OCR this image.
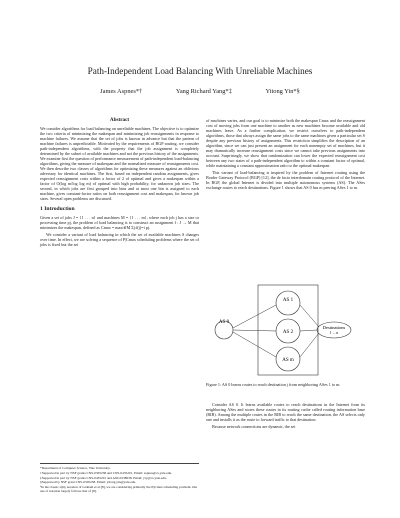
Path-Independent Load Balancing With Unreliable Machines
James Aspnes*†	Yang Richard Yang*‡	Yitong Yin*§
Abstract

We consider algorithms for load balancing on unreliable machines. The objective is to optimize the two criteria of minimizing the makespan and minimizing job reassignments in response to machine failures. We assume that the set of jobs is known in advance but that the pattern of machine failures is unpredictable. Motivated by the requirements of BGP routing, we consider path-independent algorithms, with the property that the job assignment is completely determined by the subset of available machines and not the previous history of the assignments. We examine first the question of performance measurement of path-independent load-balancing algorithms, giving the measure of makespan and the normalized measure of reassignments cost. We then describe two classes of algorithms for optimizing these measures against an oblivious adversary for identical machines. The first, based on independent random assignments, gives expected reassignment costs within a factor of 2 of optimal and gives a makespan within a factor of O(log m/log log m) of optimal with high probability, for unknown job sizes. The second, in which jobs are first grouped into bins and at most one bin is assigned to each machine, gives constant-factor ratios on both reassignment cost and makespan, for known job sizes. Several open problems are discussed.

1 Introduction

Given a set of jobs J = {1 . . . n} and machines M = {1 . . . m}, where each job j has a size or processing time pj, the problem of load balancing is to construct an assignment f : J → M that minimizes the makespan, defined as Cmax = maxi∈M Σj:f(j)=i pj.

We consider a variant of load balancing in which the set of available machines S changes over time. In effect, we are solving a sequence of P|Cmax scheduling problems where the set of jobs is fixed but the set

*Department of Computer Science, Yale University.
†Supported in part by NSF grants CNS-0305258 and CNS-0435201. Email: aspnes@cs.yale.edu.
‡Supported in part by NSF grants CNS-0435201 and ANI-0238038. Email: yry@cs.yale.edu.
§Supported by NSF grant CNS-0305258. Email: yitong.yin@yale.edu.
¹In the classic α|β|γ notation of Graham et al.[8], we are considering primarily the P||Cmax scheduling problem. Our use of notation largely follows that of [8].

of machines varies, and our goal is to minimize both the makespan Cmax and the reassignment cost of moving jobs from one machine to another as new machines become available and old machines leave. As a further complication, we restrict ourselves to path-independent algorithms, those that always assign the same jobs to the same machines given a particular set S despite any previous history of assignments. This restriction simplifies the description of an algorithm, since we can just present an assignment for each nonempty set of machines, but it may dramatically increase reassignment costs since we cannot take previous assignments into account. Surprisingly, we show that randomization can lower the expected reassignment cost between any two states of a path-independent algorithm to within a constant factor of optimal, while maintaining a constant approximation ratio to the optimal makespan.

This variant of load-balancing is inspired by the problem of Internet routing using the Border Gateway Protocol (BGP) [12], the de facto interdomain routing protocol of the Internet. In BGP, the global Internet is divided into multiple autonomous systems (AS). The ASes exchange routes to reach destinations. Figure 1 shows that AS 0 has m peering ASes 1 to m.

AS 0
AS 1
AS 2
AS m
Destinations
1 ... n
Figure 1: AS 0 learns routes to reach destination j from neighboring ASes 1 to m.

Consider AS 0. It learns available routes to reach destinations in the Internet from its neighboring ASes and stores these routes in its routing cache called routing information base (RIB). Among the multiple routes in the RIB to reach the same destination, the AS selects only one and installs it as the route to forward traffic to that destination.

Because network connections are dynamic, the set
